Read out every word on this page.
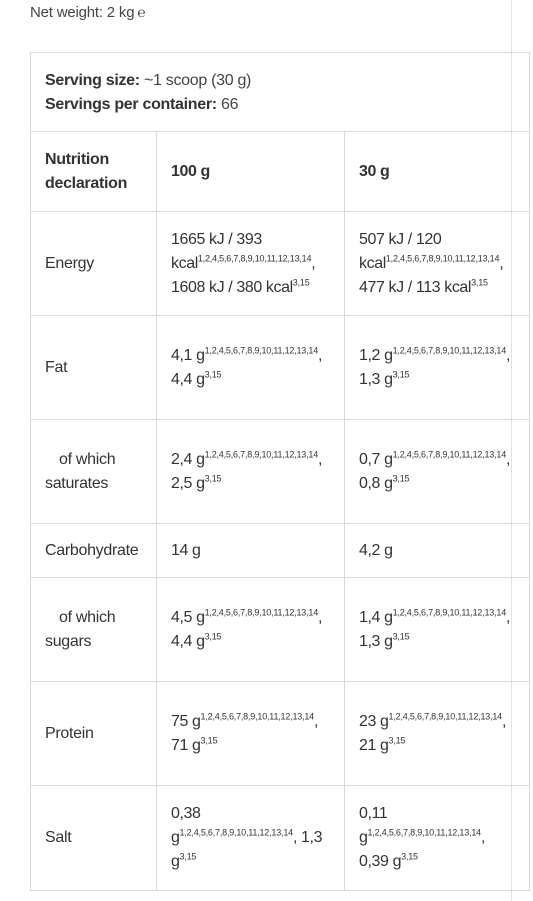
Net weight: 2 kg ℮
Serving size: ~1 scoop (30 g)
Servings per container: 66
Nutrition declaration
100 g	30 g
Energy
1665 kJ / 393 kcal$^{1,2,4,5,6,7,8,9,10,11,12,13,14}$, 1608 kJ / 380 kcal$^{3,15}$
507 kJ / 120 kcal$^{1,2,4,5,6,7,8,9,10,11,12,13,14}$, 477 kJ / 113 kcal$^{3,15}$
Fat
4,1 $g^{1,2,4,5,6,7,8,9,10,11,12,13,14}$, 4,4 $g^{3,15}$
1,2 $g^{1,2,4,5,6,7,8,9,10,11,12,13,14}$, 1,3 $g^{3,15}$
of which saturates
2,4 $g^{1,2,4,5,6,7,8,9,10,11,12,13,14}$, 2,5 $g^{3,15}$
0,7 $g^{1,2,4,5,6,7,8,9,10,11,12,13,14}$, 0,8 $g^{3,15}$
Carbohydrate 14 g	4,2 g
of which sugars
4,5 $g^{1,2,4,5,6,7,8,9,10,11,12,13,14}$, 4,4 $g^{3,15}$
1,4 $g^{1,2,4,5,6,7,8,9,10,11,12,13,14}$, 1,3 $g^{3,15}$
Protein
75 $g^{1,2,4,5,6,7,8,9,10,11,12,13,14}$, 71 $g^{3,15}$
23 $g^{1,2,4,5,6,7,8,9,10,11,12,13,14}$, 21 $g^{3,15}$
Salt
0,38 $g^{1,2,4,5,6,7,8,9,10,11,12,13,14}$, 1,3 $g^{3,15}$
0,11 $g^{1,2,4,5,6,7,8,9,10,11,12,13,14}$, 0,39 $g^{3,15}$
